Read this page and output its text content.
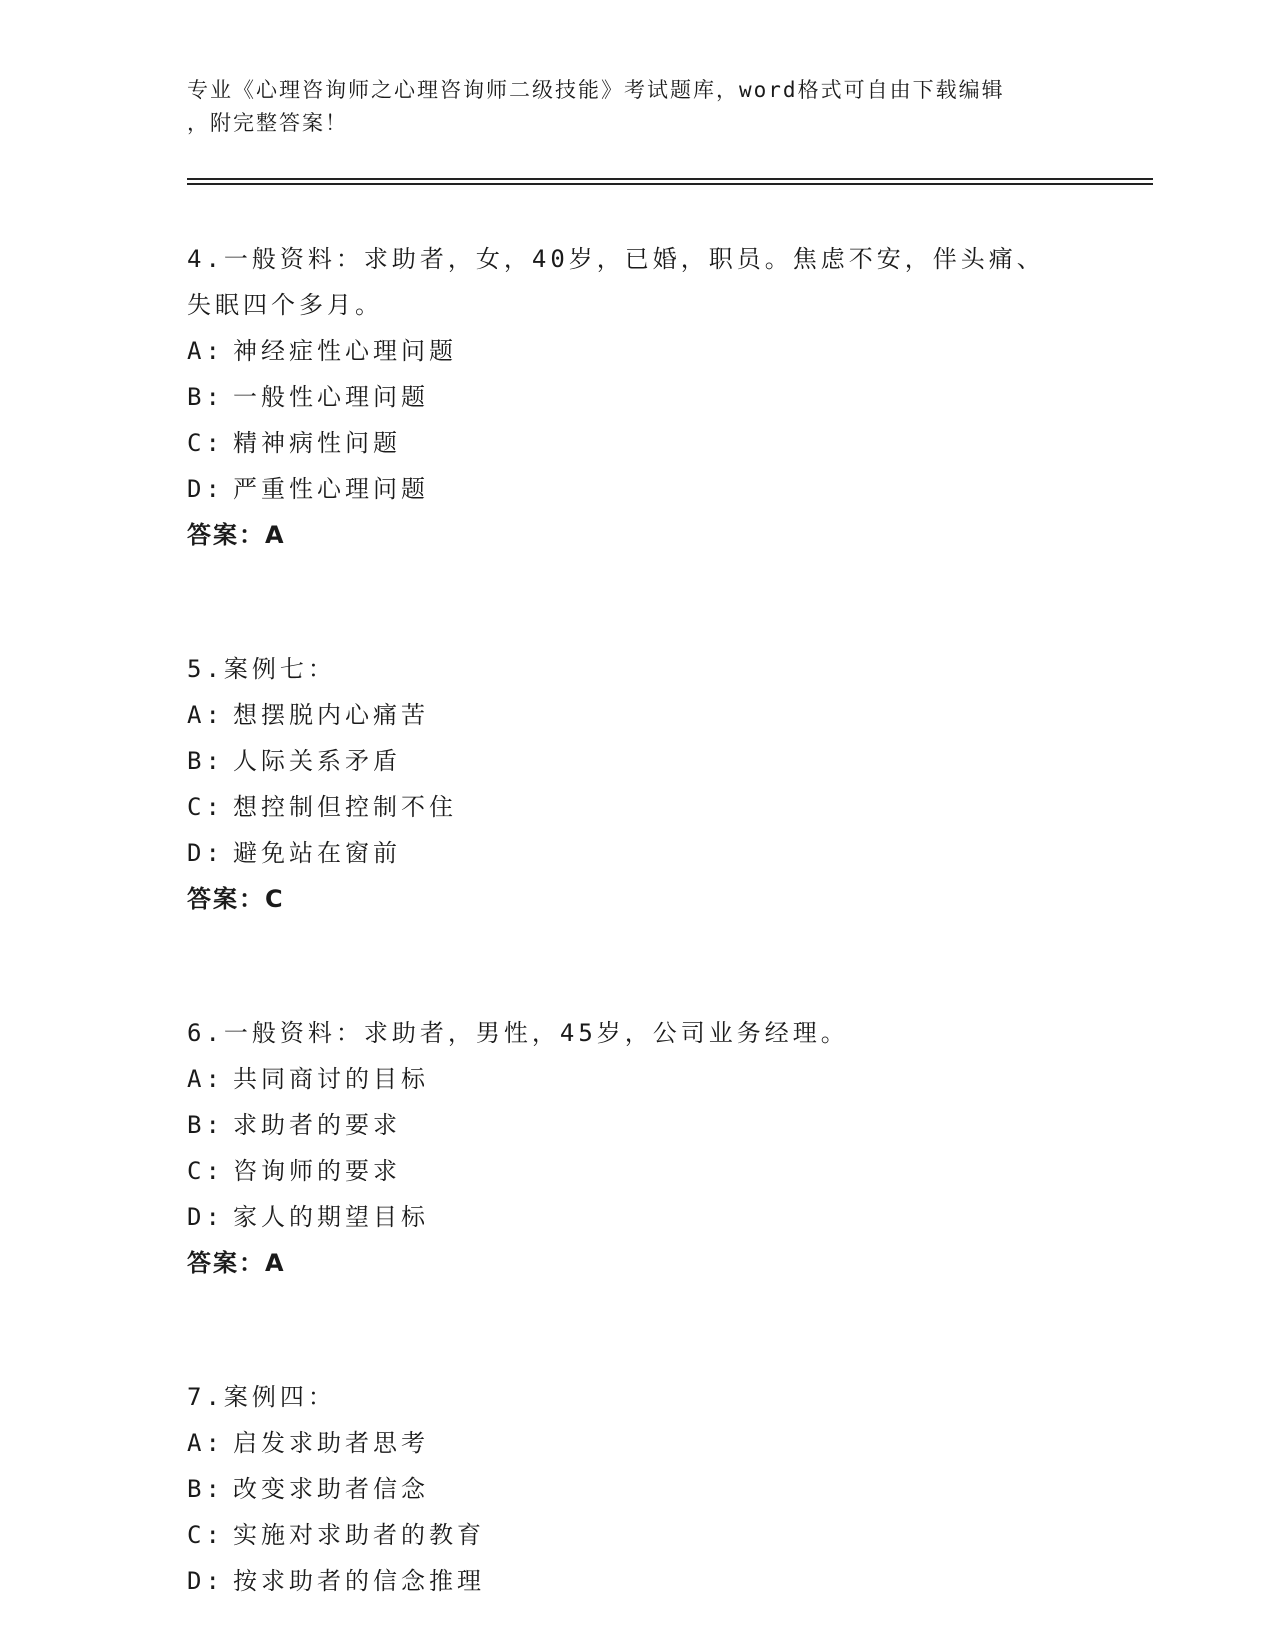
专业《心理咨询师之心理咨询师二级技能》考试题库，word格式可自由下载编辑
，附完整答案！
4.一般资料：求助者，女，40岁，已婚，职员。焦虑不安，伴头痛、
失眠四个多月。
A: 神经症性心理问题
B: 一般性心理问题
C: 精神病性问题
D: 严重性心理问题
答案：A
5.案例七：
A: 想摆脱内心痛苦
B: 人际关系矛盾
C: 想控制但控制不住
D: 避免站在窗前
答案：C
6.一般资料：求助者，男性，45岁，公司业务经理。
A: 共同商讨的目标
B: 求助者的要求
C: 咨询师的要求
D: 家人的期望目标
答案：A
7.案例四：
A: 启发求助者思考
B: 改变求助者信念
C: 实施对求助者的教育
D: 按求助者的信念推理
